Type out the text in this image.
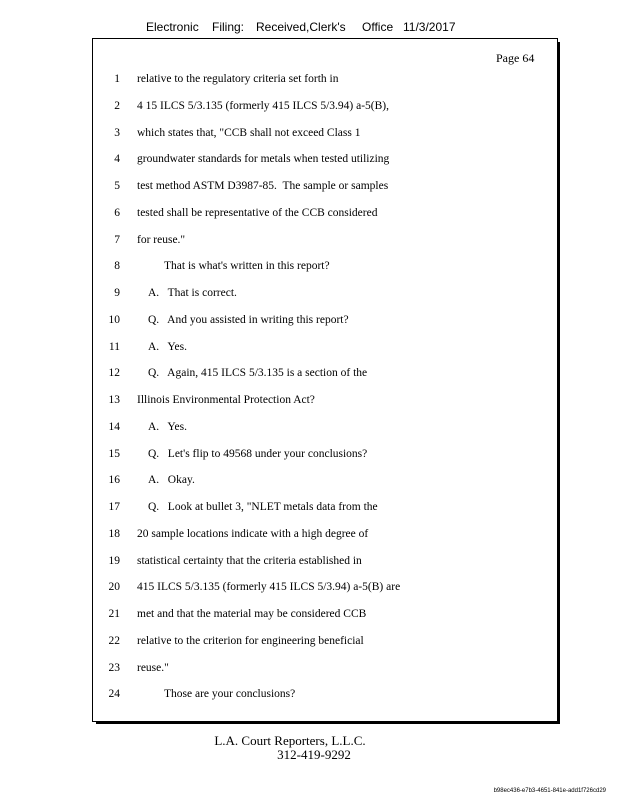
Electronic Filing: Received,Clerk's Office 11/3/2017
Page 64
1 relative to the regulatory criteria set forth in
2 4 15 ILCS 5/3.135 (formerly 415 ILCS 5/3.94) a-5(B),
3 which states that, "CCB shall not exceed Class 1
4 groundwater standards for metals when tested utilizing
5 test method ASTM D3987-85.  The sample or samples
6 tested shall be representative of the CCB considered
7 for reuse."
8	That is what's written in this report?
9 A.   That is correct.
10 Q.   And you assisted in writing this report?
11 A.   Yes.
12 Q.   Again, 415 ILCS 5/3.135 is a section of the
13 Illinois Environmental Protection Act?
14 A.   Yes.
15 Q.   Let's flip to 49568 under your conclusions?
16 A.   Okay.
17 Q.   Look at bullet 3, "NLET metals data from the
18 20 sample locations indicate with a high degree of
19 statistical certainty that the criteria established in
20 415 ILCS 5/3.135 (formerly 415 ILCS 5/3.94) a-5(B) are
21 met and that the material may be considered CCB
22 relative to the criterion for engineering beneficial
23 reuse."
24	Those are your conclusions?
L.A. Court Reporters, L.L.C.
312-419-9292
b98ec436-e7b3-4651-841e-add1f726cd29
